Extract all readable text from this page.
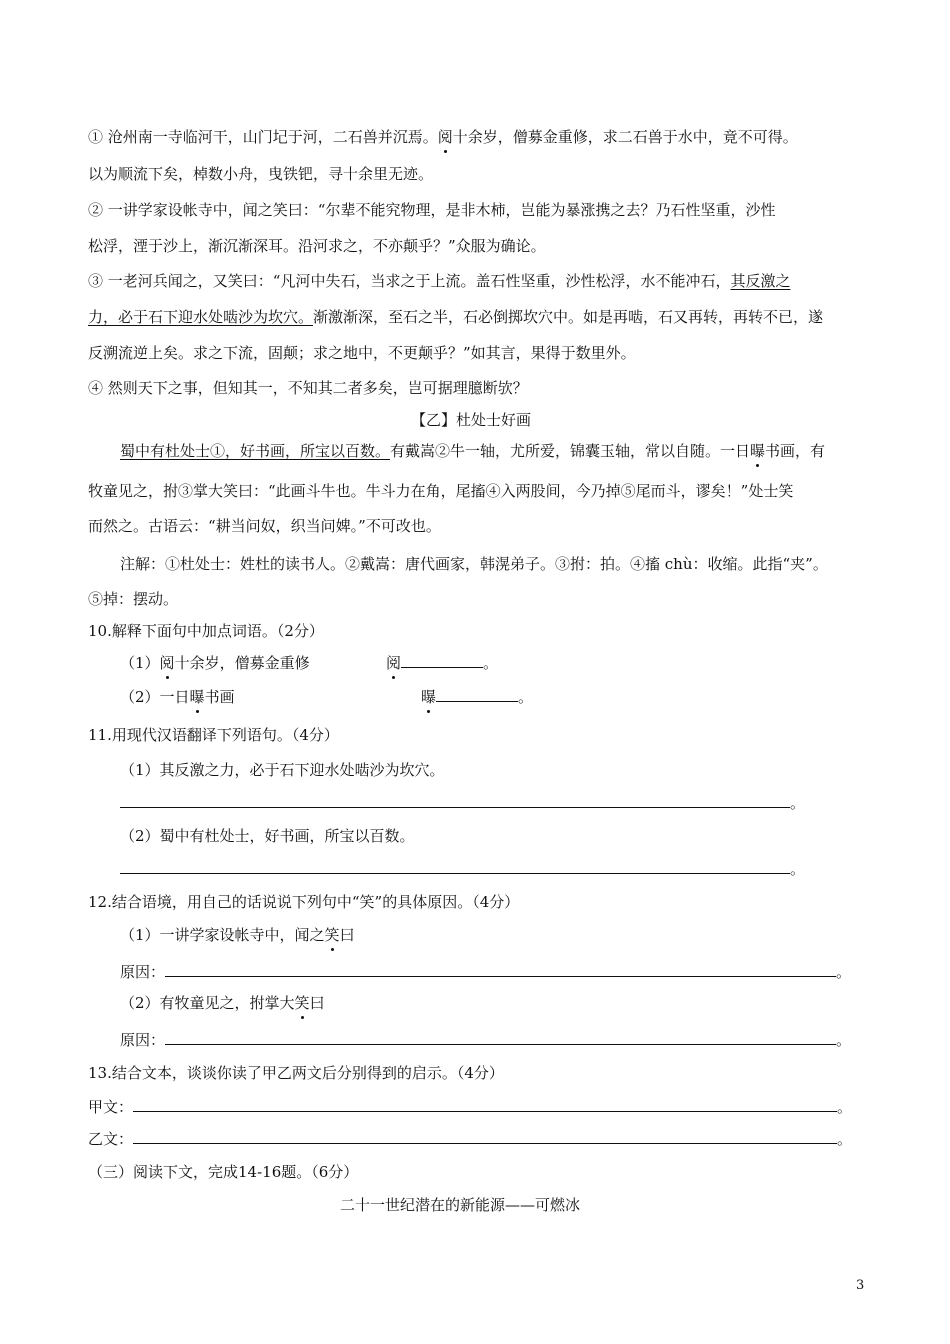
① 沧州南一寺临河干，山门圮于河，二石兽并沉焉。阅十余岁，僧募金重修，求二石兽于水中，竟不可得。
以为顺流下矣，棹数小舟，曳铁钯，寻十余里无迹。
② 一讲学家设帐寺中，闻之笑曰：“尔辈不能究物理，是非木柿，岂能为暴涨携之去？乃石性坚重，沙性
松浮，湮于沙上，渐沉渐深耳。沿河求之，不亦颠乎？”众服为确论。
③ 一老河兵闻之，又笑曰：“凡河中失石，当求之于上流。盖石性坚重，沙性松浮，水不能冲石，其反激之
力，必于石下迎水处啮沙为坎穴。渐激渐深，至石之半，石必倒掷坎穴中。如是再啮，石又再转，再转不已，遂
反溯流逆上矣。求之下流，固颠；求之地中，不更颠乎？”如其言，果得于数里外。
④ 然则天下之事，但知其一，不知其二者多矣，岂可据理臆断欤？
【乙】杜处士好画
蜀中有杜处士①，好书画，所宝以百数。有戴嵩②牛一轴，尤所爱，锦囊玉轴，常以自随。一日曝书画，有
牧童见之，拊③掌大笑曰：“此画斗牛也。牛斗力在角，尾搐④入两股间，今乃掉⑤尾而斗，谬矣！”处士笑
而然之。古语云：“耕当问奴，织当问婢。”不可改也。
注解：①杜处士：姓杜的读书人。②戴嵩：唐代画家，韩滉弟子。③拊：拍。④搐 chù：收缩。此指“夹”。
⑤掉：摆动。
10.解释下面句中加点词语。（2分）
（1）阅十余岁，僧募金重修	阅	。
（2）一日曝书画	曝	。
11.用现代汉语翻译下列语句。（4分）
（1）其反激之力，必于石下迎水处啮沙为坎穴。
。
（2）蜀中有杜处士，好书画，所宝以百数。
。
12.结合语境，用自己的话说说下列句中“笑”的具体原因。（4分）
（1）一讲学家设帐寺中，闻之笑曰
原因：	。
（2）有牧童见之，拊掌大笑曰
原因：	。
13.结合文本，谈谈你读了甲乙两文后分别得到的启示。（4分）
甲文：	。
乙文：	。
（三）阅读下文，完成14-16题。（6分）
二十一世纪潜在的新能源——可燃冰
3
